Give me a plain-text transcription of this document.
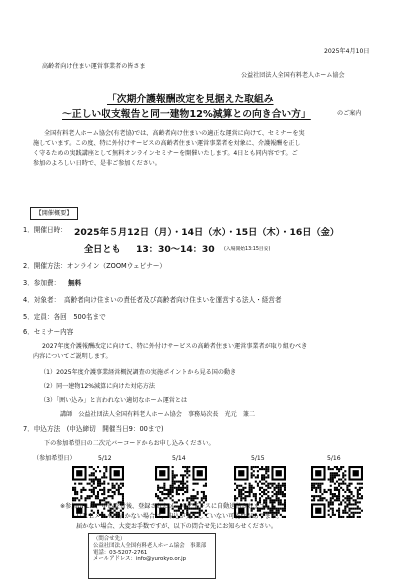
2025年4月10日
高齢者向け住まい運営事業者の皆さま
公益社団法人全国有料老人ホーム協会
「次期介護報酬改定を見据えた取組み
～正しい収支報告と同一建物12%減算との向き合い方」	のご案内
全国有料老人ホーム協会(有老協)では、高齢者向け住まいの適正な運営に向けて、セミナーを実
施しています。この度、特に外付けサービスの高齢者住まい運営事業者を対象に、介護報酬を正し
く守るための実践講座として無料オンラインセミナーを開催いたします。4日とも同内容です。ご
参加のよろしい日時で、是非ご参加ください。
【開催概要】
1．開催日時： 2025年５月12日（月）・14日（水）・15日（木）・16日（金）
全日とも 13：30～14：30 (入場開始13:15目安)
2．開催方法：オンライン（ZOOMウェビナー）
3．参加費： 無料
4．対象者： 高齢者向け住まいの責任者及び高齢者向け住まいを運営する法人・経営者
5．定員：各回　500名まで
6．セミナー内容
2027年度介護報酬改定に向けて、特に外付けサービスの高齢者住まい運営事業者が取り組むべき
内容についてご説明します。
（1）2025年度介護事業経営概況調査の実施ポイントから見る国の動き
（2）同一建物12%減算に向けた対応方法
（3）「囲い込み」と言われない適切なホーム運営とは
講師　公益社団法人全国有料老人ホーム協会　事務局次長　光元　兼二
7．申込方法　(申込締切　開催当日9：00まで)
下の参加希望日の二次元バーコードからお申し込みください。
（参加希望日）	5/12	5/14	5/15	5/16
※参加URLは、申込受付後、登録されたメールアドレスに自動送信されます。
ＵＲＬメールが届かない場合は、申込が完了していない可能性があります。
届かない場合、大変お手数ですが、以下の問合せ先にお知らせください。
（問合せ先）
公益社団法人全国有料老人ホーム協会　事業部
電話：03-5207-2761
メールアドレス：info@yurokyo.or.jp
